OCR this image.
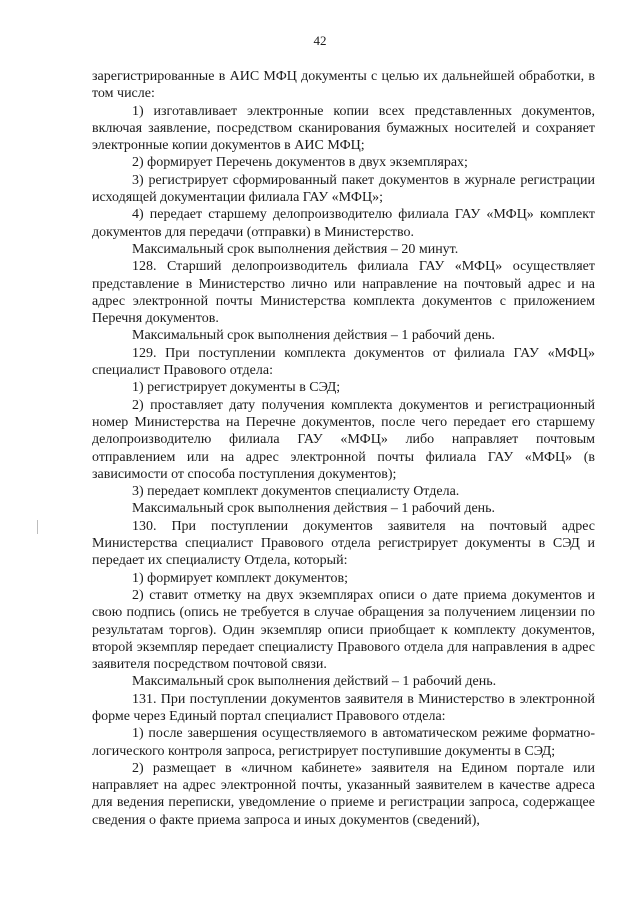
42

зарегистрированные в АИС МФЦ документы с целью их дальнейшей обработки, в том числе:

1) изготавливает электронные копии всех представленных документов, включая заявление, посредством сканирования бумажных носителей и сохраняет электронные копии документов в АИС МФЦ;

2) формирует Перечень документов в двух экземплярах;

3) регистрирует сформированный пакет документов в журнале регистрации исходящей документации филиала ГАУ «МФЦ»;

4) передает старшему делопроизводителю филиала ГАУ «МФЦ» комплект документов для передачи (отправки) в Министерство.

Максимальный срок выполнения действия – 20 минут.

128. Старший делопроизводитель филиала ГАУ «МФЦ» осуществляет представление в Министерство лично или направление на почтовый адрес и на адрес электронной почты Министерства комплекта документов с приложением Перечня документов.

Максимальный срок выполнения действия – 1 рабочий день.

129. При поступлении комплекта документов от филиала ГАУ «МФЦ» специалист Правового отдела:

1) регистрирует документы в СЭД;

2) проставляет дату получения комплекта документов и регистрационный номер Министерства на Перечне документов, после чего передает его старшему делопроизводителю филиала ГАУ «МФЦ» либо направляет почтовым отправлением или на адрес электронной почты филиала ГАУ «МФЦ» (в зависимости от способа поступления документов);

3) передает комплект документов специалисту Отдела.

Максимальный срок выполнения действия – 1 рабочий день.

130. При поступлении документов заявителя на почтовый адрес Министерства специалист Правового отдела регистрирует документы в СЭД и передает их специалисту Отдела, который:

1) формирует комплект документов;

2) ставит отметку на двух экземплярах описи о дате приема документов и свою подпись (опись не требуется в случае обращения за получением лицензии по результатам торгов). Один экземпляр описи приобщает к комплекту документов, второй экземпляр передает специалисту Правового отдела для направления в адрес заявителя посредством почтовой связи.

Максимальный срок выполнения действий – 1 рабочий день.

131. При поступлении документов заявителя в Министерство в электронной форме через Единый портал специалист Правового отдела:

1) после завершения осуществляемого в автоматическом режиме форматно-логического контроля запроса, регистрирует поступившие документы в СЭД;

2) размещает в «личном кабинете» заявителя на Едином портале или направляет на адрес электронной почты, указанный заявителем в качестве адреса для ведения переписки, уведомление о приеме и регистрации запроса, содержащее сведения о факте приема запроса и иных документов (сведений),
